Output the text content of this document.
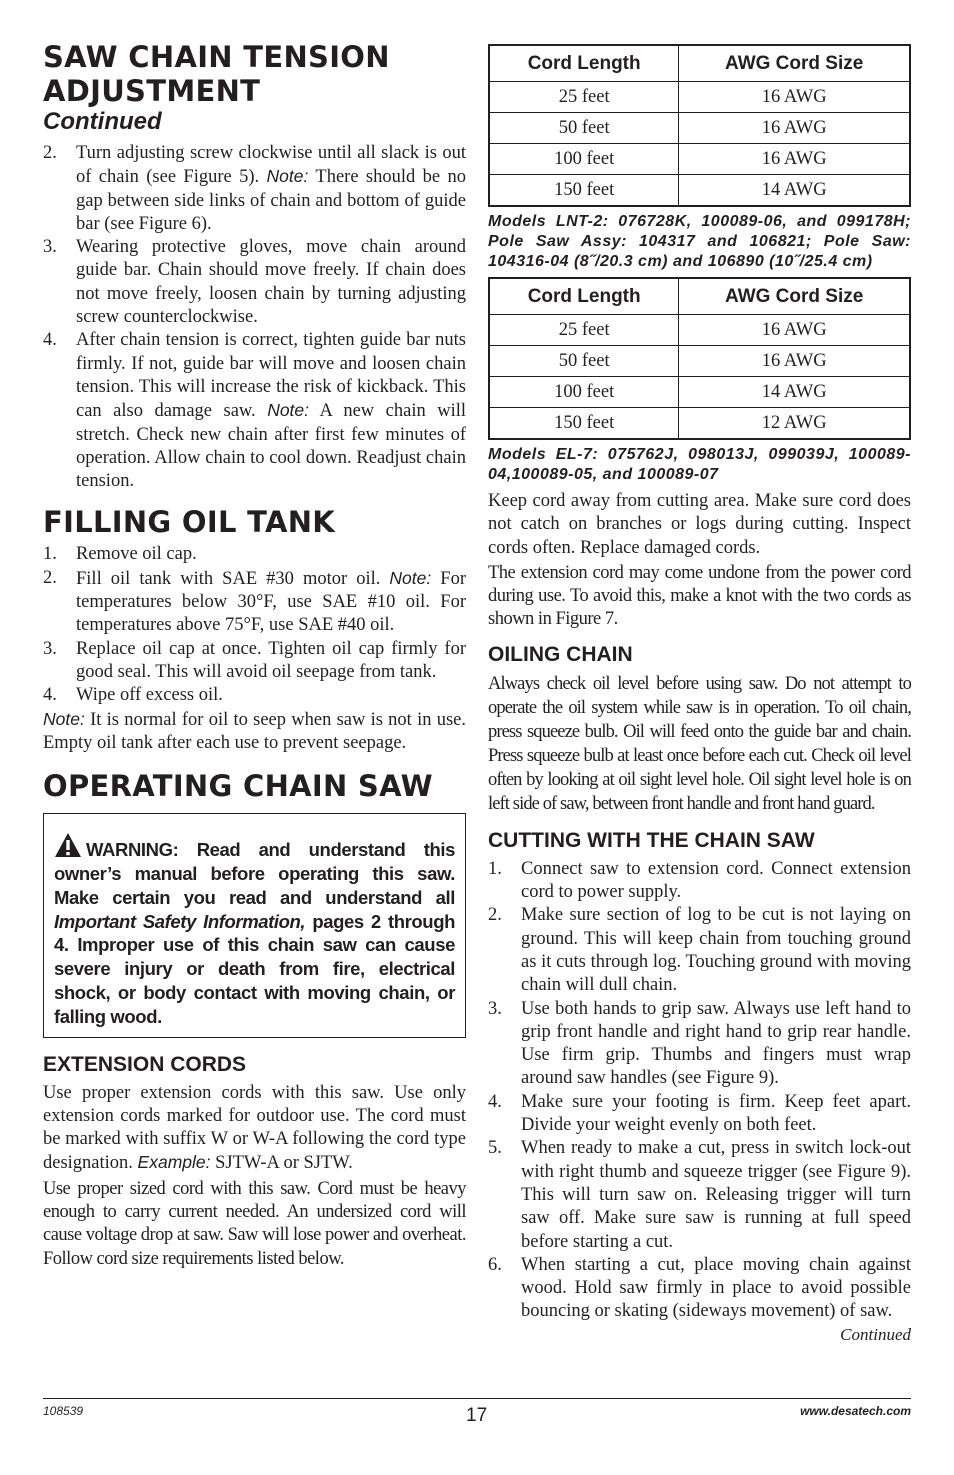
SAW CHAIN TENSION
ADJUSTMENT
Continued
2. Turn adjusting screw clockwise until all slack is out of chain (see Figure 5). Note: There should be no gap between side links of chain and bottom of guide bar (see Figure 6).
3. Wearing protective gloves, move chain around guide bar. Chain should move freely. If chain does not move freely, loosen chain by turning adjusting screw counterclockwise.
4. After chain tension is correct, tighten guide bar nuts firmly. If not, guide bar will move and loosen chain tension. This will increase the risk of kickback. This can also damage saw. Note: A new chain will stretch. Check new chain after first few minutes of operation. Allow chain to cool down. Readjust chain tension.
FILLING OIL TANK
1. Remove oil cap.
2. Fill oil tank with SAE #30 motor oil. Note: For temperatures below 30°F, use SAE #10 oil. For temperatures above 75°F, use SAE #40 oil.
3. Replace oil cap at once. Tighten oil cap firmly for good seal. This will avoid oil seepage from tank.
4. Wipe off excess oil.

Note: It is normal for oil to seep when saw is not in use. Empty oil tank after each use to prevent seepage.

OPERATING CHAIN SAW
WARNING: Read and understand this owner’s manual before operating this saw. Make certain you read and understand all Important Safety Information, pages 2 through 4. Improper use of this chain saw can cause severe injury or death from fire, electrical shock, or body contact with moving chain, or falling wood.
EXTENSION CORDS

Use proper extension cords with this saw. Use only extension cords marked for outdoor use. The cord must be marked with suffix W or W-A following the cord type designation. Example: SJTW-A or SJTW.

Use proper sized cord with this saw. Cord must be heavy enough to carry current needed. An undersized cord will cause voltage drop at saw. Saw will lose power and overheat. Follow cord size requirements listed below.

Cord Length	AWG Cord Size
25 feet	16 AWG
50 feet	16 AWG
100 feet	16 AWG
150 feet	14 AWG
Models LNT-2: 076728K, 100089-06, and 099178H; Pole Saw Assy: 104317 and 106821; Pole Saw: 104316-04 (8˝/20.3 cm) and 106890 (10˝/25.4 cm)
Cord Length	AWG Cord Size
25 feet	16 AWG
50 feet	16 AWG
100 feet	14 AWG
150 feet	12 AWG
Models EL-7: 075762J, 098013J, 099039J, 100089-04,100089-05, and 100089-07

Keep cord away from cutting area. Make sure cord does not catch on branches or logs during cutting. Inspect cords often. Replace damaged cords.

The extension cord may come undone from the power cord during use. To avoid this, make a knot with the two cords as shown in Figure 7.

OILING CHAIN

Always check oil level before using saw. Do not attempt to operate the oil system while saw is in operation. To oil chain, press squeeze bulb. Oil will feed onto the guide bar and chain. Press squeeze bulb at least once before each cut. Check oil level often by looking at oil sight level hole. Oil sight level hole is on left side of saw, between front handle and front hand guard.

CUTTING WITH THE CHAIN SAW
1. Connect saw to extension cord. Connect extension cord to power supply.
2. Make sure section of log to be cut is not laying on ground. This will keep chain from touching ground as it cuts through log. Touching ground with moving chain will dull chain.
3. Use both hands to grip saw. Always use left hand to grip front handle and right hand to grip rear handle. Use firm grip. Thumbs and fingers must wrap around saw handles (see Figure 9).
4. Make sure your footing is firm. Keep feet apart. Divide your weight evenly on both feet.
5. When ready to make a cut, press in switch lock-out with right thumb and squeeze trigger (see Figure 9). This will turn saw on. Releasing trigger will turn saw off. Make sure saw is running at full speed before starting a cut.
6. When starting a cut, place moving chain against wood. Hold saw firmly in place to avoid possible bouncing or skating (sideways movement) of saw.
Continued
108539	17	www.desatech.com
